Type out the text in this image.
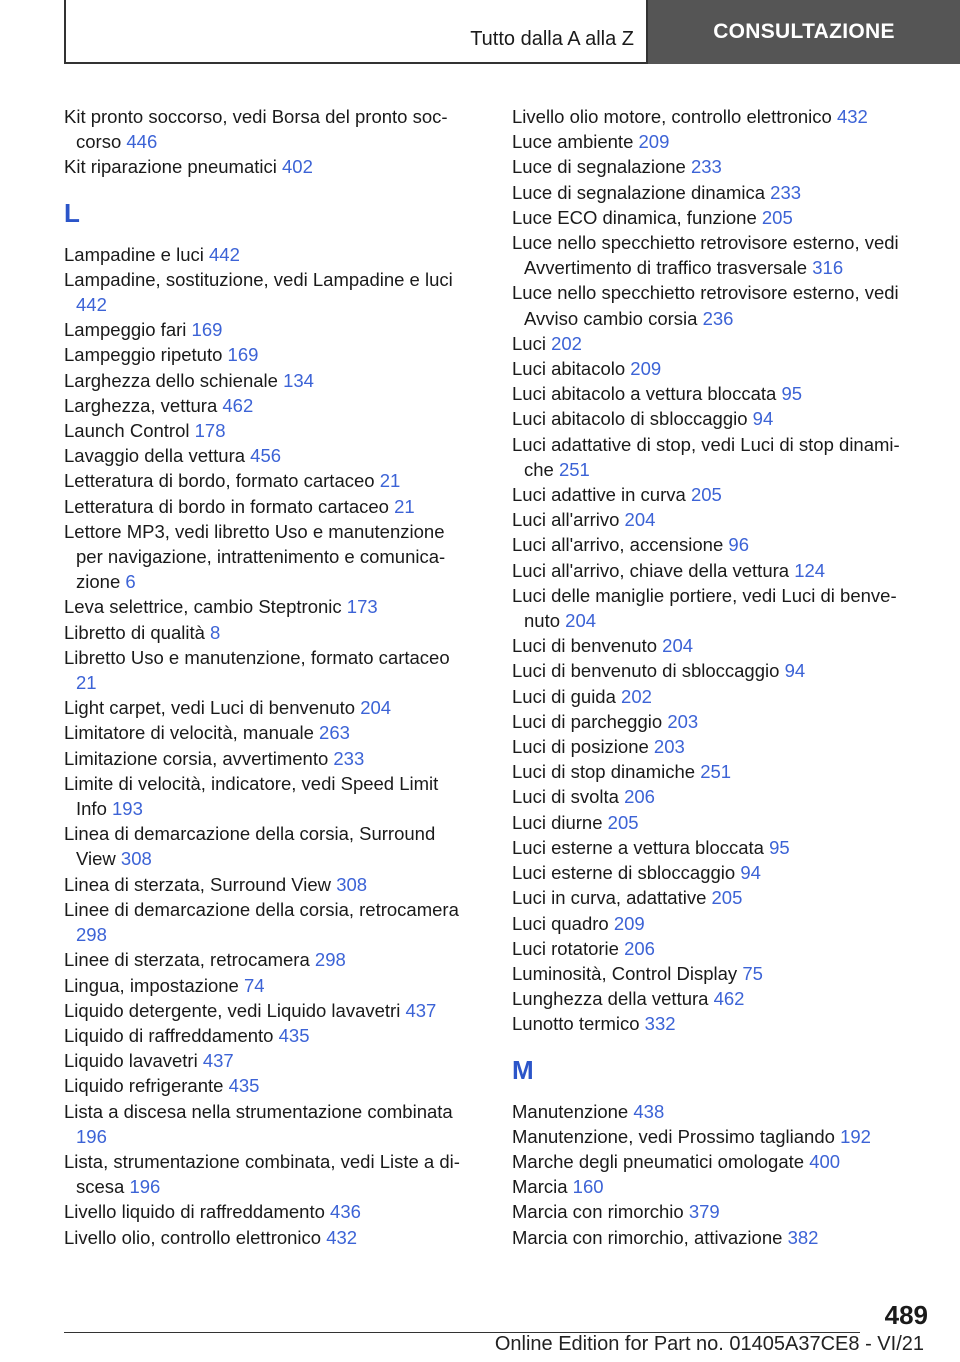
Tutto dalla A alla Z	CONSULTAZIONE
Kit pronto soccorso, vedi Borsa del pronto soccorso 446
Kit riparazione pneumatici 402
L
Lampadine e luci 442
Lampadine, sostituzione, vedi Lampadine e luci 442
Lampeggio fari 169
Lampeggio ripetuto 169
Larghezza dello schienale 134
Larghezza, vettura 462
Launch Control 178
Lavaggio della vettura 456
Letteratura di bordo, formato cartaceo 21
Letteratura di bordo in formato cartaceo 21
Lettore MP3, vedi libretto Uso e manutenzione per navigazione, intrattenimento e comunicazione 6
Leva selettrice, cambio Steptronic 173
Libretto di qualità 8
Libretto Uso e manutenzione, formato cartaceo 21
Light carpet, vedi Luci di benvenuto 204
Limitatore di velocità, manuale 263
Limitazione corsia, avvertimento 233
Limite di velocità, indicatore, vedi Speed Limit Info 193
Linea di demarcazione della corsia, Surround View 308
Linea di sterzata, Surround View 308
Linee di demarcazione della corsia, retrocamera 298
Linee di sterzata, retrocamera 298
Lingua, impostazione 74
Liquido detergente, vedi Liquido lavavetri 437
Liquido di raffreddamento 435
Liquido lavavetri 437
Liquido refrigerante 435
Lista a discesa nella strumentazione combinata 196
Lista, strumentazione combinata, vedi Liste a discesa 196
Livello liquido di raffreddamento 436
Livello olio, controllo elettronico 432
Livello olio motore, controllo elettronico 432
Luce ambiente 209
Luce di segnalazione 233
Luce di segnalazione dinamica 233
Luce ECO dinamica, funzione 205
Luce nello specchietto retrovisore esterno, vedi Avvertimento di traffico trasversale 316
Luce nello specchietto retrovisore esterno, vedi Avviso cambio corsia 236
Luci 202
Luci abitacolo 209
Luci abitacolo a vettura bloccata 95
Luci abitacolo di sbloccaggio 94
Luci adattative di stop, vedi Luci di stop dinamiche 251
Luci adattive in curva 205
Luci all'arrivo 204
Luci all'arrivo, accensione 96
Luci all'arrivo, chiave della vettura 124
Luci delle maniglie portiere, vedi Luci di benvenuto 204
Luci di benvenuto 204
Luci di benvenuto di sbloccaggio 94
Luci di guida 202
Luci di parcheggio 203
Luci di posizione 203
Luci di stop dinamiche 251
Luci di svolta 206
Luci diurne 205
Luci esterne a vettura bloccata 95
Luci esterne di sbloccaggio 94
Luci in curva, adattative 205
Luci quadro 209
Luci rotatorie 206
Luminosità, Control Display 75
Lunghezza della vettura 462
Lunotto termico 332
M
Manutenzione 438
Manutenzione, vedi Prossimo tagliando 192
Marche degli pneumatici omologate 400
Marcia 160
Marcia con rimorchio 379
Marcia con rimorchio, attivazione 382
489
Online Edition for Part no. 01405A37CE8 - VI/21
